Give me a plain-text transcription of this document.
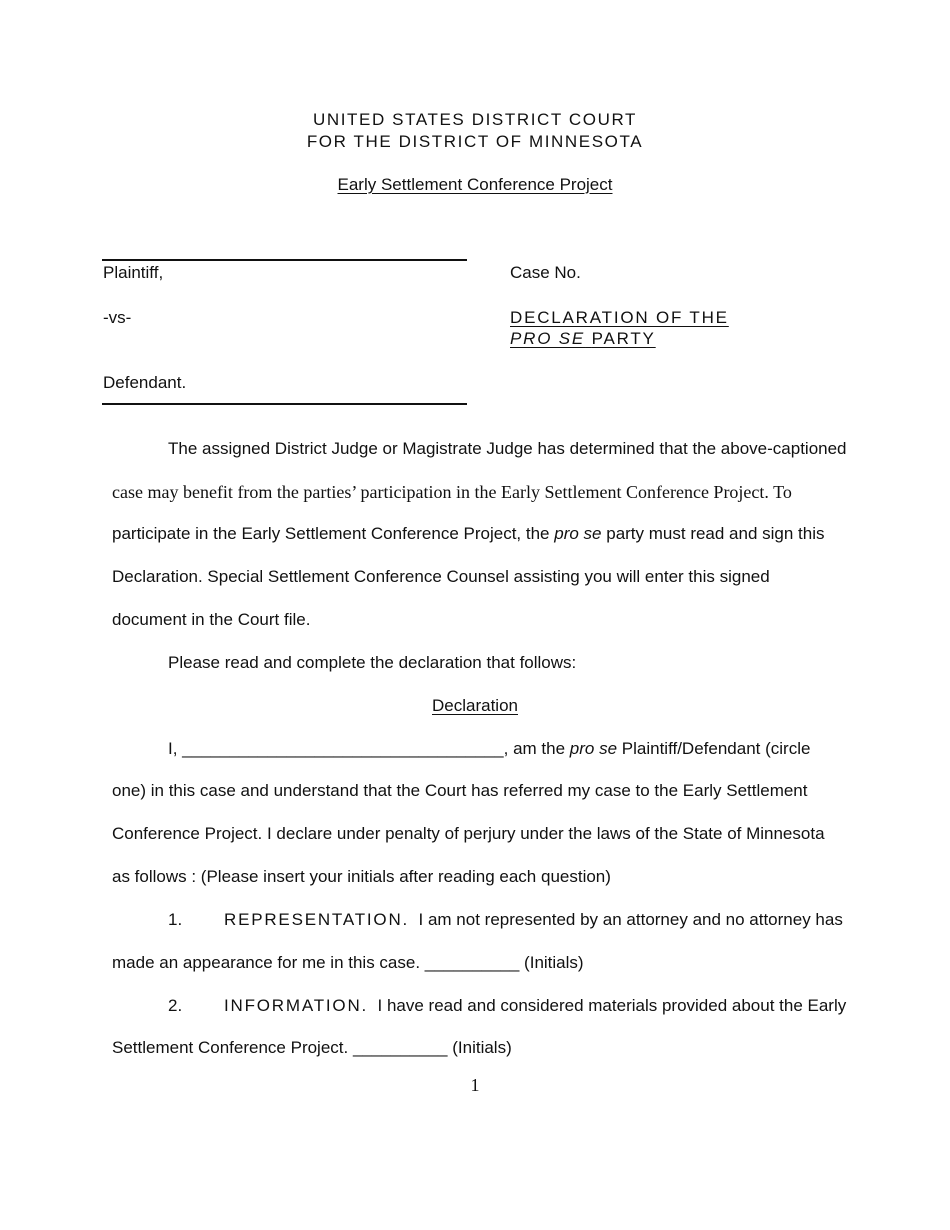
UNITED STATES DISTRICT COURT
FOR THE DISTRICT OF MINNESOTA
Early Settlement Conference Project
Plaintiff,
-vs-
Defendant.
Case No.
DECLARATION OF THE
PRO SE PARTY
The assigned District Judge or Magistrate Judge has determined that the above-captioned
case may benefit from the parties’ participation in the Early Settlement Conference Project. To
participate in the Early Settlement Conference Project, the pro se party must read and sign this
Declaration. Special Settlement Conference Counsel assisting you will enter this signed
document in the Court file.
Please read and complete the declaration that follows:
Declaration
I, __________________________________, am the pro se Plaintiff/Defendant (circle
one) in this case and understand that the Court has referred my case to the Early Settlement
Conference Project. I declare under penalty of perjury under the laws of the State of Minnesota
as follows : (Please insert your initials after reading each question)
1. REPRESENTATION. I am not represented by an attorney and no attorney has
made an appearance for me in this case. __________ (Initials)
2. INFORMATION. I have read and considered materials provided about the Early
Settlement Conference Project. __________ (Initials)
1
